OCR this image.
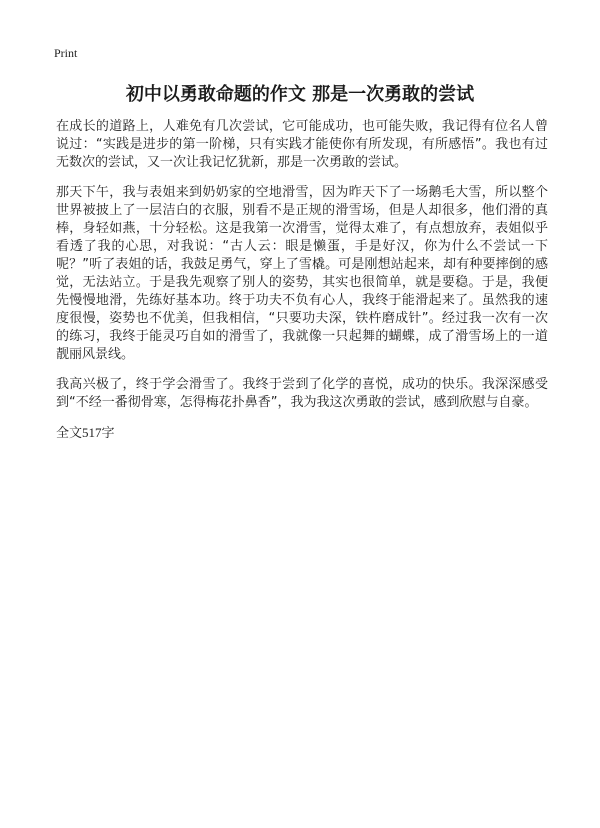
Print
初中以勇敢命题的作文 那是一次勇敢的尝试

在成长的道路上，人难免有几次尝试，它可能成功，也可能失败，我记得有位名人曾说过：“实践是进步的第一阶梯，只有实践才能使你有所发现，有所感悟”。我也有过无数次的尝试，又一次让我记忆犹新，那是一次勇敢的尝试。

那天下午，我与表姐来到奶奶家的空地滑雪，因为昨天下了一场鹅毛大雪，所以整个世界被披上了一层洁白的衣服，别看不是正规的滑雪场，但是人却很多，他们滑的真棒，身轻如燕，十分轻松。这是我第一次滑雪，觉得太难了，有点想放弃，表姐似乎看透了我的心思，对我说：“古人云：眼是懒蛋，手是好汉，你为什么不尝试一下呢？”听了表姐的话，我鼓足勇气，穿上了雪橇。可是刚想站起来，却有种要摔倒的感觉，无法站立。于是我先观察了别人的姿势，其实也很简单，就是要稳。于是，我便先慢慢地滑，先练好基本功。终于功夫不负有心人，我终于能滑起来了。虽然我的速度很慢，姿势也不优美，但我相信，“只要功夫深，铁杵磨成针”。经过我一次有一次的练习，我终于能灵巧自如的滑雪了，我就像一只起舞的蝴蝶，成了滑雪场上的一道靓丽风景线。

我高兴极了，终于学会滑雪了。我终于尝到了化学的喜悦，成功的快乐。我深深感受到“不经一番彻骨寒，怎得梅花扑鼻香”，我为我这次勇敢的尝试，感到欣慰与自豪。

全文517字
